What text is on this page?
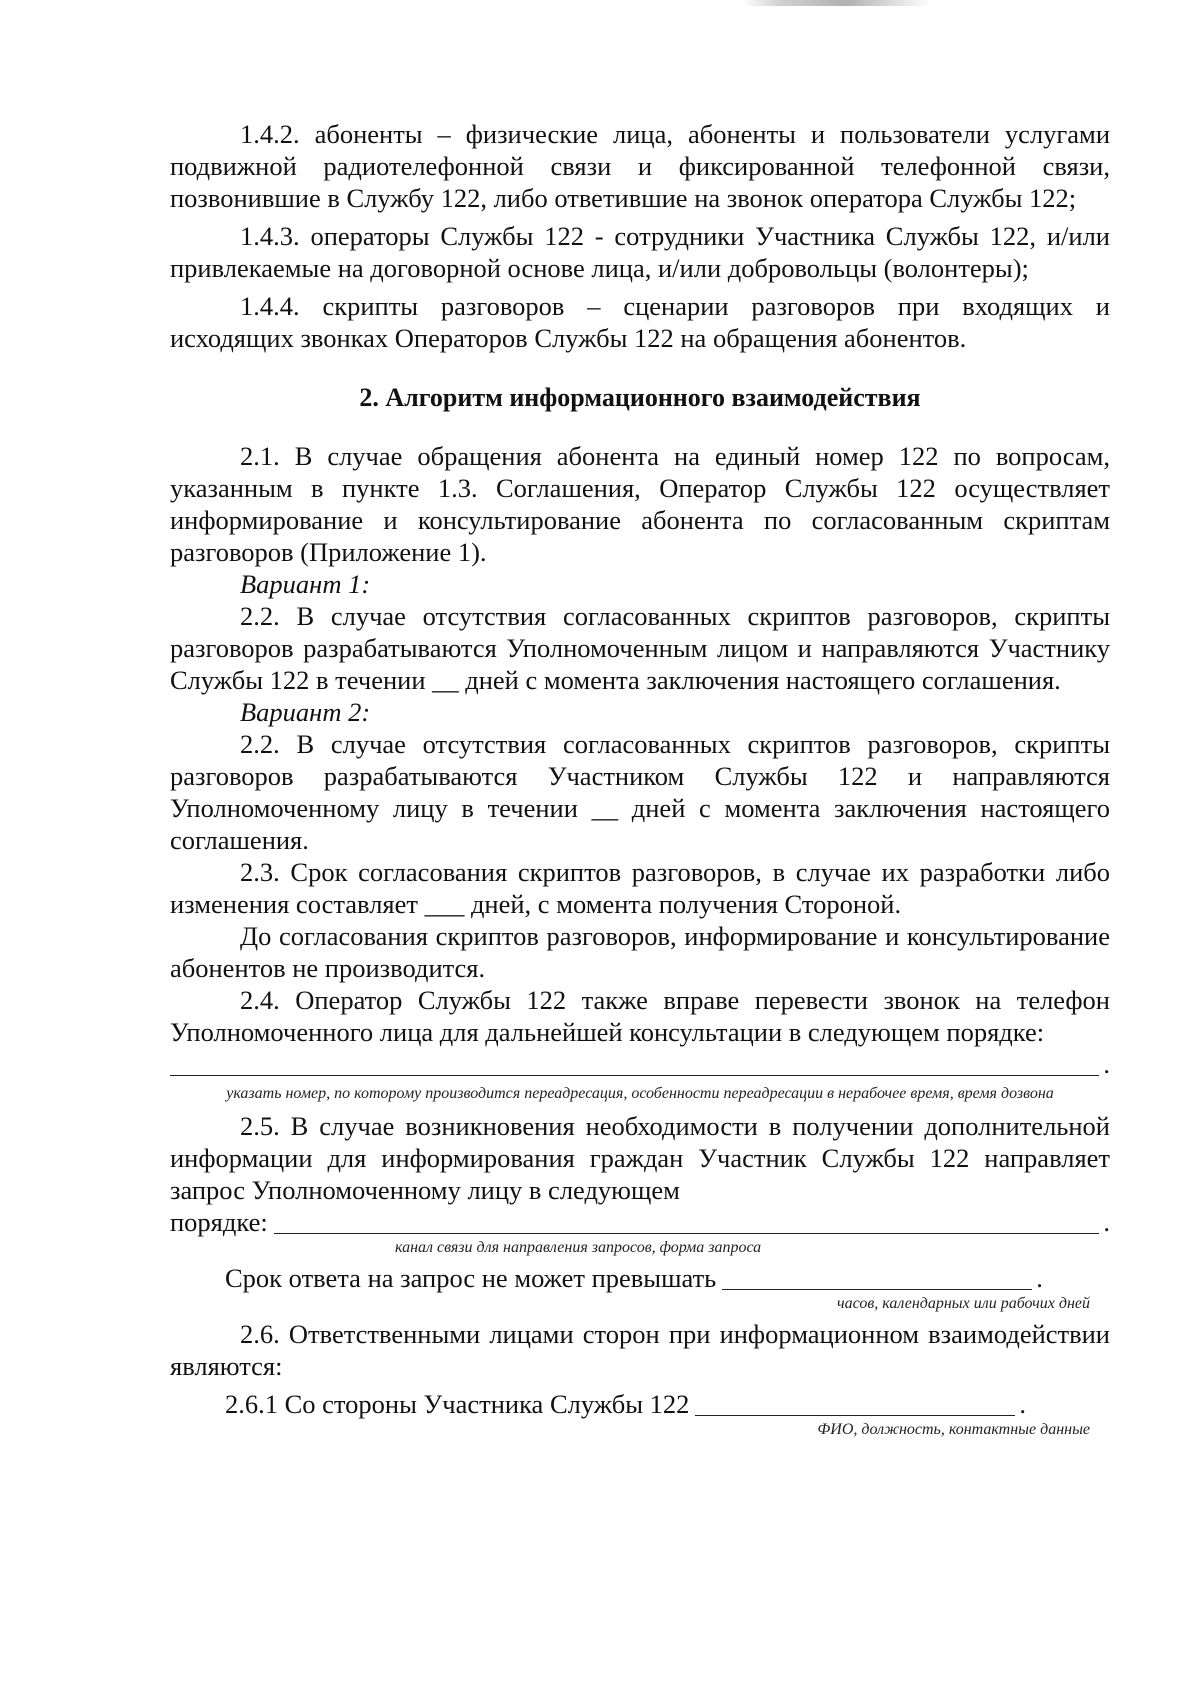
1.4.2. абоненты – физические лица, абоненты и пользователи услугами подвижной радиотелефонной связи и фиксированной телефонной связи, позвонившие в Службу 122, либо ответившие на звонок оператора Службы 122;

1.4.3. операторы Службы 122 - сотрудники Участника Службы 122, и/или привлекаемые на договорной основе лица, и/или добровольцы (волонтеры);

1.4.4. скрипты разговоров – сценарии разговоров при входящих и исходящих звонках Операторов Службы 122 на обращения абонентов.

2. Алгоритм информационного взаимодействия

2.1. В случае обращения абонента на единый номер 122 по вопросам, указанным в пункте 1.3. Соглашения, Оператор Службы 122 осуществляет информирование и консультирование абонента по согласованным скриптам разговоров (Приложение 1).

Вариант 1:

2.2. В случае отсутствия согласованных скриптов разговоров, скрипты разговоров разрабатываются Уполномоченным лицом и направляются Участнику Службы 122 в течении __ дней с момента заключения настоящего соглашения.

Вариант 2:

2.2. В случае отсутствия согласованных скриптов разговоров, скрипты разговоров разрабатываются Участником Службы 122 и направляются Уполномоченному лицу в течении __ дней с момента заключения настоящего соглашения.

2.3. Срок согласования скриптов разговоров, в случае их разработки либо изменения составляет ___ дней, с момента получения Стороной.

До согласования скриптов разговоров, информирование и консультирование абонентов не производится.

2.4. Оператор Службы 122 также вправе перевести звонок на телефон Уполномоченного лица для дальнейшей консультации в следующем порядке:

.

указать номер, по которому производится переадресация, особенности переадресации в нерабочее время, время дозвона

2.5. В случае возникновения необходимости в получении дополнительной информации для информирования граждан Участник Службы 122 направляет запрос Уполномоченному лицу в следующем

порядке:	.

канал связи для направления запросов, форма запроса

Срок ответа на запрос не может превышать	.

часов, календарных или рабочих дней

2.6. Ответственными лицами сторон при информационном взаимодействии являются:

2.6.1 Со стороны Участника Службы 122	.

ФИО, должность, контактные данные
